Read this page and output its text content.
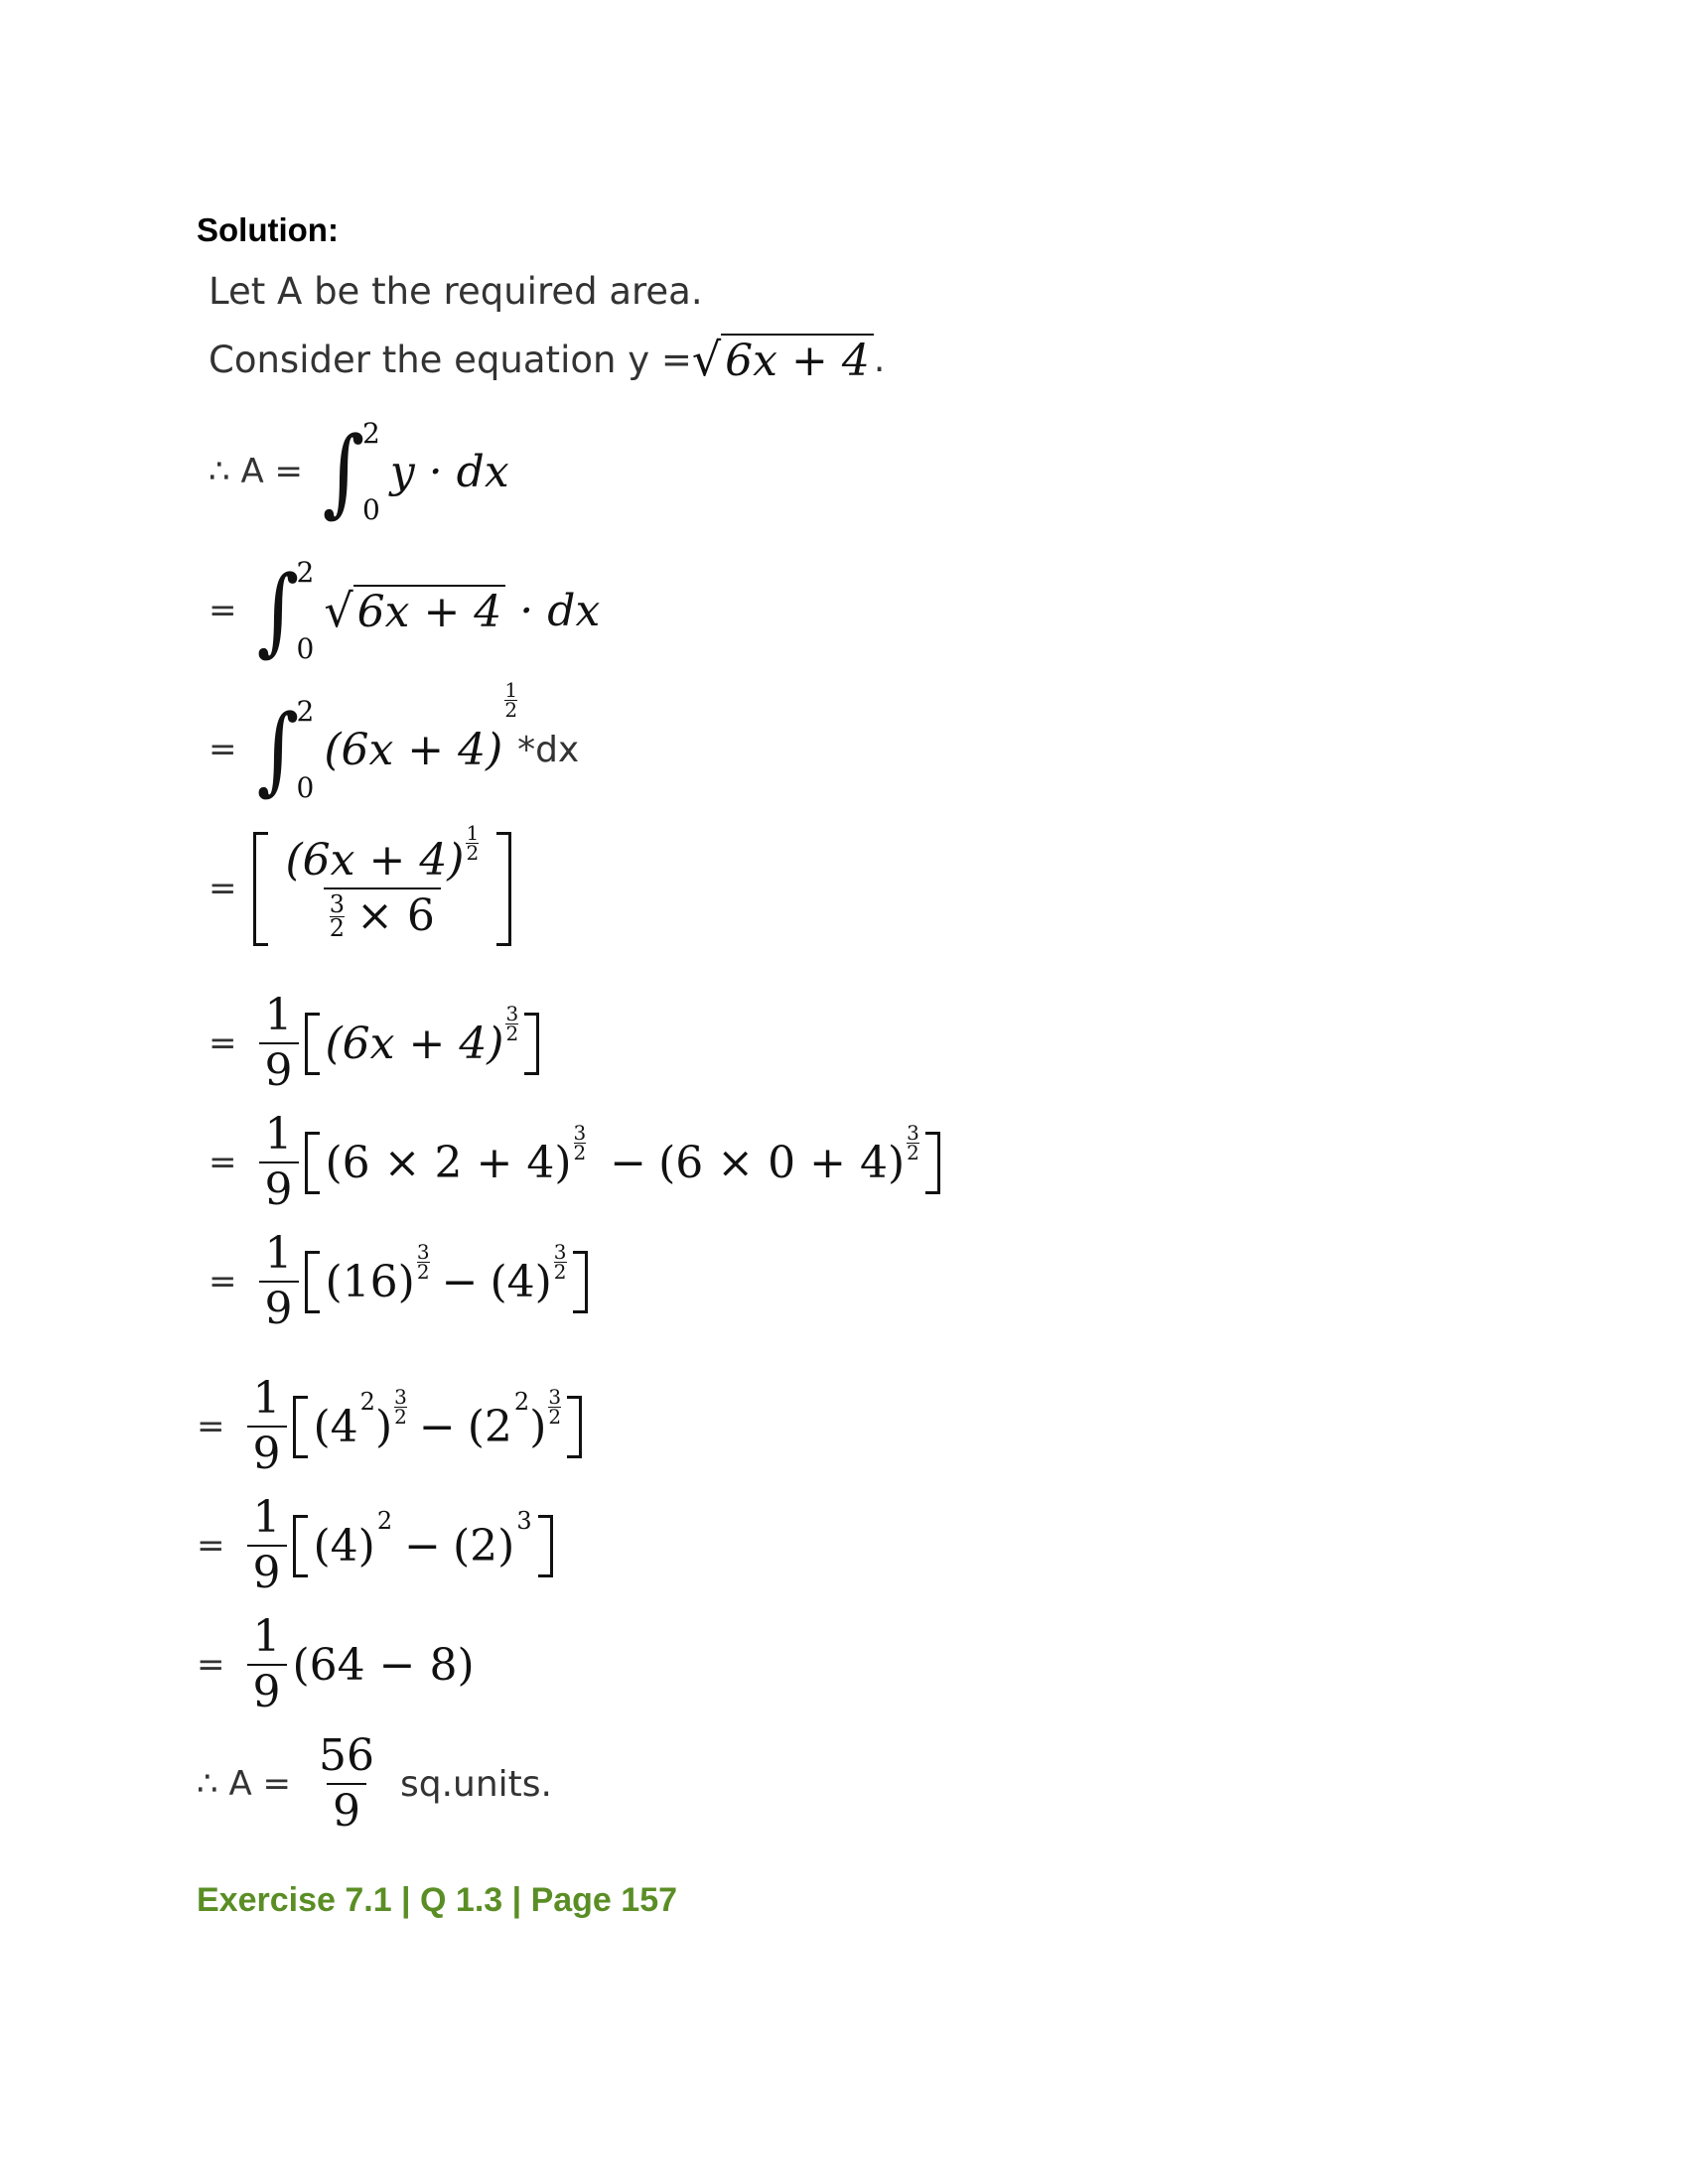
Solution:
Let A be the required area.
Consider the equation y = √ 6x + 4 .
∴ A = ∫
2
0
y · dx
= ∫
2
0
√ 6x + 4 · dx
= ∫
2
0
(6x + 4)
$\frac{1}{2}$
*dx
= $\frac{(6x + 4) \frac{1}{2}}{\frac{3}{2} \times 6}$
= $\frac{1}{9} (6x + 4) \frac{3}{2}$
= $\frac{1}{9} (6 \times 2 + 4) \frac{3}{2} - (6 \times 0 + 4) \frac{3}{2}$
= $\frac{1}{9} (16) \frac{3}{2} - (4) \frac{3}{2}$
= $\frac{1}{9} (4$ 2 ) $\frac{3}{2} - (2$ 2 ) $\frac{3}{2}$
= $\frac{1}{9} (4) 2 - (2)$ 3
= $\frac{1}{9} (64 - 8)$
∴ $A = \frac{56}{9}$ sq.units.
Exercise 7.1 | Q 1.3 | Page 157
